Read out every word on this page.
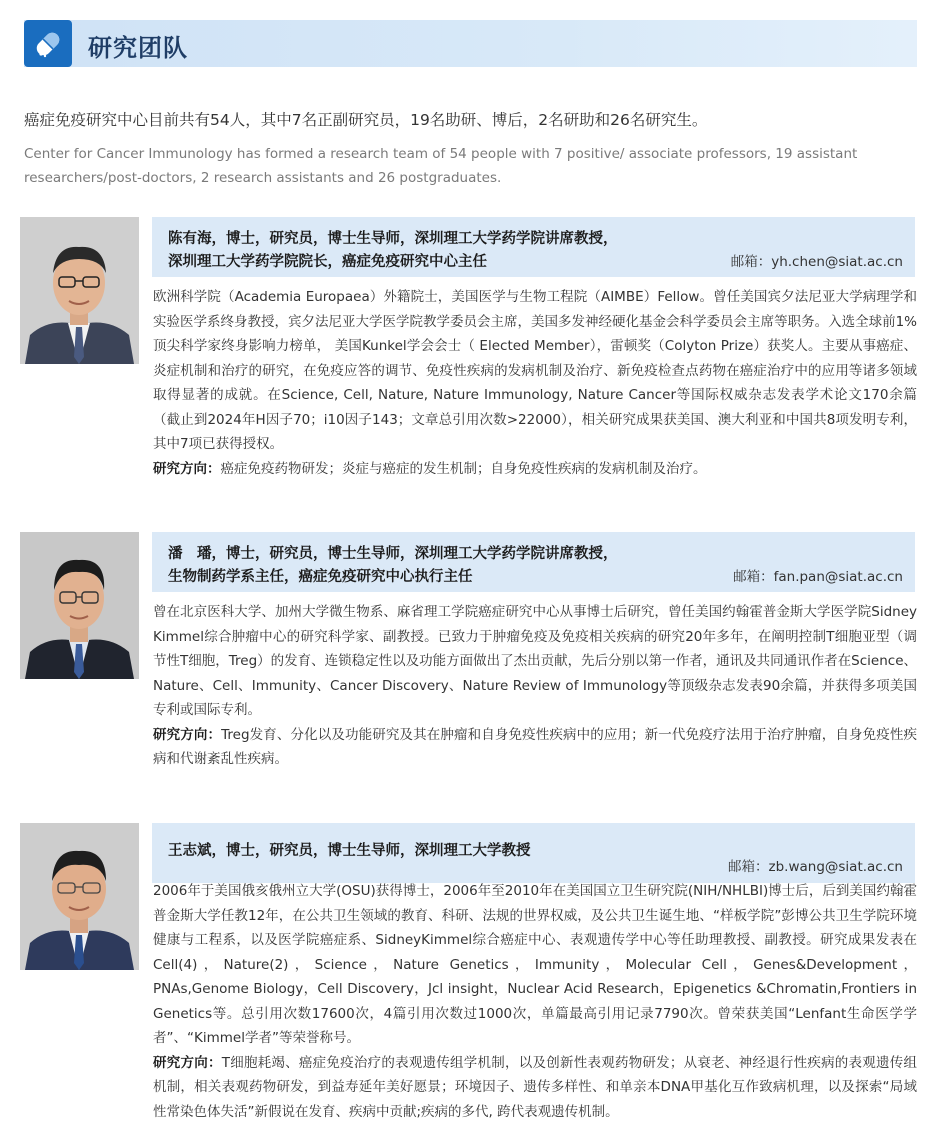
研究团队
癌症免疫研究中心目前共有54人，其中7名正副研究员，19名助研、博后，2名研助和26名研究生。
Center for Cancer Immunology has formed a research team of 54 people with 7 positive/ associate professors, 19 assistant researchers/post-doctors, 2 research assistants and 26 postgraduates.
陈有海，博士，研究员，博士生导师，深圳理工大学药学院讲席教授，
深圳理工大学药学院院长，癌症免疫研究中心主任	邮箱：yh.chen@siat.ac.cn
欧洲科学院（Academia Europaea）外籍院士，美国医学与生物工程院（AIMBE）Fellow。曾任美国宾夕法尼亚大学病理学和实验医学系终身教授，宾夕法尼亚大学医学院教学委员会主席，美国多发神经硬化基金会科学委员会主席等职务。入选全球前1%顶尖科学家终身影响力榜单， 美国Kunkel学会会士（ Elected Member），雷顿奖（Colyton Prize）获奖人。主要从事癌症、炎症机制和治疗的研究，在免疫应答的调节、免疫性疾病的发病机制及治疗、新免疫检查点药物在癌症治疗中的应用等诸多领域取得显著的成就。在Science, Cell, Nature, Nature Immunology, Nature Cancer等国际权威杂志发表学术论文170余篇（截止到2024年H因子70；i10因子143；文章总引用次数>22000），相关研究成果获美国、澳大利亚和中国共8项发明专利，其中7项已获得授权。
研究方向：癌症免疫药物研发；炎症与癌症的发生机制；自身免疫性疾病的发病机制及治疗。
潘　璠，博士，研究员，博士生导师，深圳理工大学药学院讲席教授，
生物制药学系主任，癌症免疫研究中心执行主任	邮箱：fan.pan@siat.ac.cn
曾在北京医科大学、加州大学微生物系、麻省理工学院癌症研究中心从事博士后研究，曾任美国约翰霍普金斯大学医学院Sidney Kimmel综合肿瘤中心的研究科学家、副教授。已致力于肿瘤免疫及免疫相关疾病的研究20年多年，在阐明控制T细胞亚型（调节性T细胞，Treg）的发育、连锁稳定性以及功能方面做出了杰出贡献，先后分别以第一作者，通讯及共同通讯作者在Science、Nature、Cell、Immunity、Cancer Discovery、Nature Review of Immunology等顶级杂志发表90余篇，并获得多项美国专利或国际专利。
研究方向：Treg发育、分化以及功能研究及其在肿瘤和自身免疫性疾病中的应用；新一代免疫疗法用于治疗肿瘤，自身免疫性疾病和代谢紊乱性疾病。
王志斌，博士，研究员，博士生导师，深圳理工大学教授
邮箱：zb.wang@siat.ac.cn
2006年于美国俄亥俄州立大学(OSU)获得博士，2006年至2010年在美国国立卫生研究院(NIH/NHLBI)博士后，后到美国约翰霍普金斯大学任教12年，在公共卫生领域的教育、科研、法规的世界权威，及公共卫生诞生地、“样板学院”彭博公共卫生学院环境健康与工程系，以及医学院癌症系、SidneyKimmel综合癌症中心、表观遗传学中心等任助理教授、副教授。研究成果发表在Cell(4)，Nature(2)，Science，Nature Genetics，Immunity，Molecular Cell，Genes&Development，PNAs,Genome Biology，Cell Discovery，Jcl insight，Nuclear Acid Research，Epigenetics &Chromatin,Frontiers in Genetics等。总引用次数17600次，4篇引用次数过1000次，单篇最高引用记录7790次。曾荣获美国“Lenfant生命医学学者”、“Kimmel学者”等荣誉称号。
研究方向：T细胞耗竭、癌症免疫治疗的表观遗传组学机制，以及创新性表观药物研发；从衰老、神经退行性疾病的表观遗传组机制，相关表观药物研发，到益寿延年美好愿景；环境因子、遗传多样性、和单亲本DNA甲基化互作致病机理，以及探索“局域性常染色体失活”新假说在发育、疾病中贡献;疾病的多代, 跨代表观遗传机制。
